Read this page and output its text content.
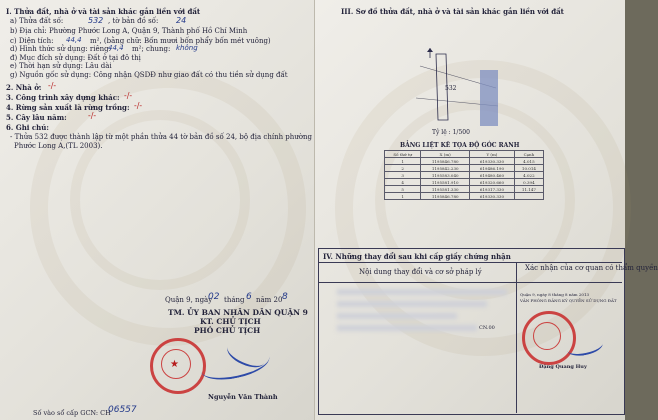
I. Thửa đất, nhà ở và tài sản khác gắn liền với đất
a) Thửa đất số:	532 , tờ bản đồ số: 24
b) Địa chỉ: Phường Phước Long A, Quận 9, Thành phố Hồ Chí Minh
c) Diện tích: 44,4 m², (bằng chữ: Bốn mươi bốn phẩy bốn mét vuông)
d) Hình thức sử dụng: riêng:
44,4 m²; chung: không
đ) Mục đích sử dụng: Đất ở tại đô thị
e) Thời hạn sử dụng: Lâu dài
g) Nguồn gốc sử dụng: Công nhận QSDĐ như giao đất có thu tiền sử dụng đất
2. Nhà ở: -/-
3. Công trình xây dựng khác: -/-
4. Rừng sản xuất là rừng trồng: -/-
5. Cây lâu năm:	-/-
6. Ghi chú:
- Thửa 532 được thành lập từ một phần thửa 44 tờ bản đồ số 24, bộ địa chính phường
Phước Long A,(TL 2003).
Quận 9, ngày
02 tháng 6 năm 20 8
TM. ỦY BAN NHÂN DÂN QUẬN 9
KT. CHỦ TỊCH
PHÓ CHỦ TỊCH
★
Nguyễn Văn Thành
Số vào sổ cấp GCN: CH
06557
III. Sơ đồ thửa đất, nhà ở và tài sản khác gắn liền với đất
532
Tỷ lệ : 1/500
BẢNG LIỆT KÊ TỌA ĐỘ GÓC RANH
Số thứ tự	X (m)	Y (m)	Cạnh
1	1195846.780	619330.330	4.015
2	1195842.230	619486.190	10.014
3	1195583.040	619480.460	4.022
4	1195581.910	619320.660	0.394
5	1195581.330	619317.330	11.147
1	1195846.780	619330.330	
IV. Những thay đổi sau khi cấp giấy chứng nhận
Nội dung thay đổi và cơ sở pháp lý	Xác nhận của cơ quan có thẩm quyền
CN.00
Quận 9, ngày 8 tháng 8 năm 2013
VĂN PHÒNG ĐĂNG KÝ QUYỀN SỬ DỤNG ĐẤT
Đặng Quang Huy
